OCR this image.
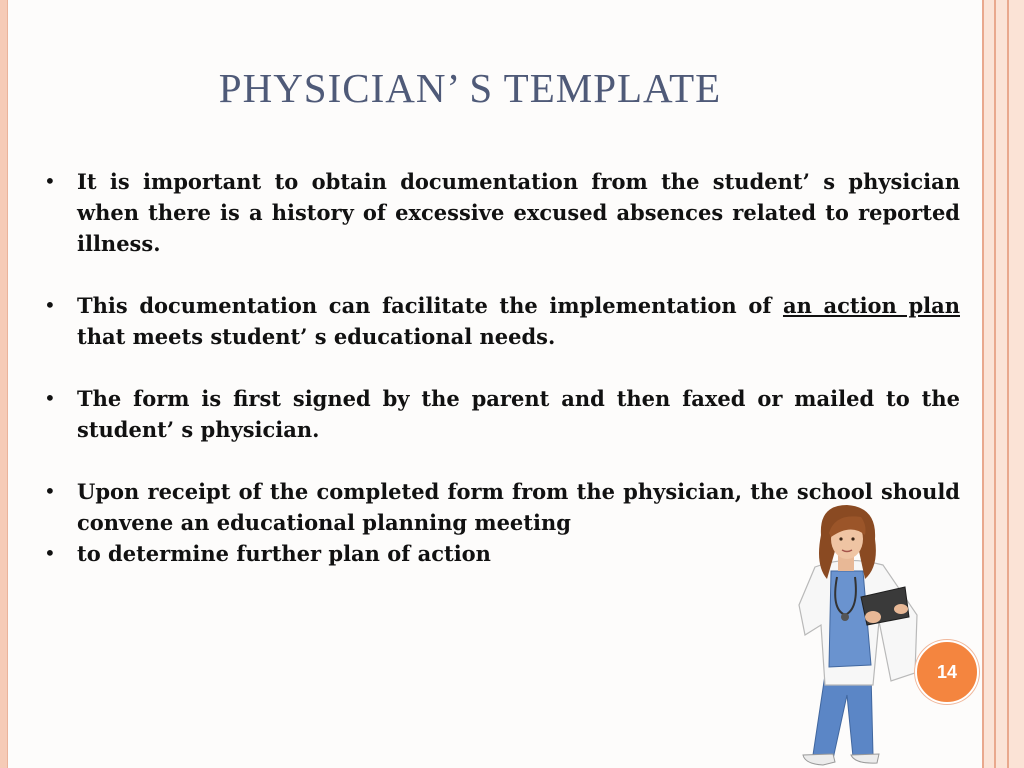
PHYSICIAN’ S TEMPLATE
•	It is important to obtain documentation from the student’ s physician when there is a history of excessive excused absences related to reported illness.
•	This documentation can facilitate the implementation of an action plan that meets student’ s educational needs.
•	The form is first signed by the parent and then faxed or mailed to the student’ s physician.
•	Upon receipt of the completed form from the physician, the school should convene an educational planning meeting
•	to determine further plan of action
14
